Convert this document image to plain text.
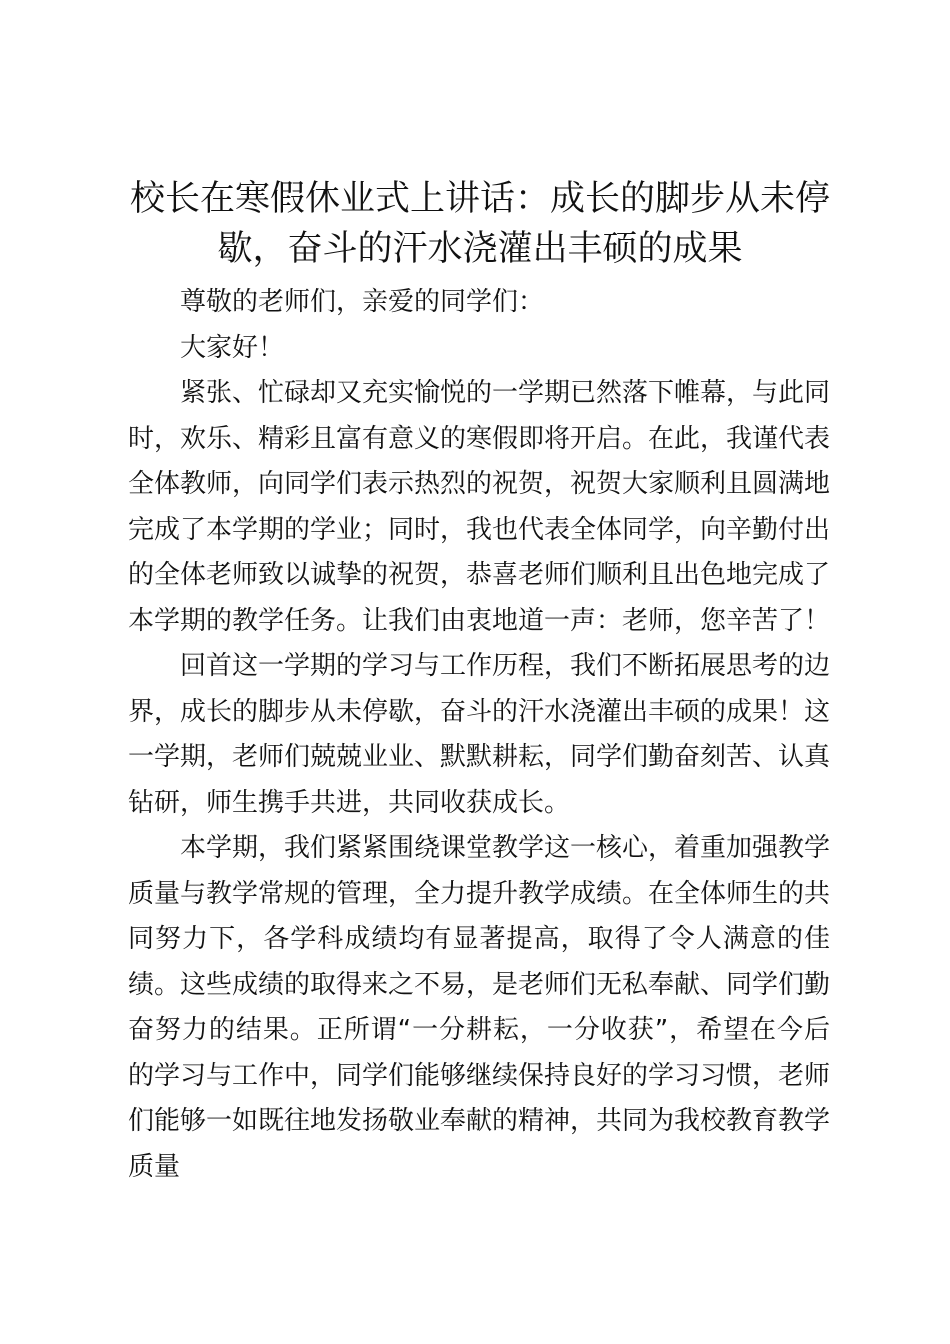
校长在寒假休业式上讲话：成长的脚步从未停歇，奋斗的汗水浇灌出丰硕的成果

尊敬的老师们，亲爱的同学们：

大家好！

紧张、忙碌却又充实愉悦的一学期已然落下帷幕，与此同时，欢乐、精彩且富有意义的寒假即将开启。在此，我谨代表全体教师，向同学们表示热烈的祝贺，祝贺大家顺利且圆满地完成了本学期的学业；同时，我也代表全体同学，向辛勤付出的全体老师致以诚挚的祝贺，恭喜老师们顺利且出色地完成了本学期的教学任务。让我们由衷地道一声：老师，您辛苦了！

回首这一学期的学习与工作历程，我们不断拓展思考的边界，成长的脚步从未停歇，奋斗的汗水浇灌出丰硕的成果！这一学期，老师们兢兢业业、默默耕耘，同学们勤奋刻苦、认真钻研，师生携手共进，共同收获成长。

本学期，我们紧紧围绕课堂教学这一核心，着重加强教学质量与教学常规的管理，全力提升教学成绩。在全体师生的共同努力下，各学科成绩均有显著提高，取得了令人满意的佳绩。这些成绩的取得来之不易，是老师们无私奉献、同学们勤奋努力的结果。正所谓“一分耕耘，一分收获”，希望在今后的学习与工作中，同学们能够继续保持良好的学习习惯，老师们能够一如既往地发扬敬业奉献的精神，共同为我校教育教学质量
